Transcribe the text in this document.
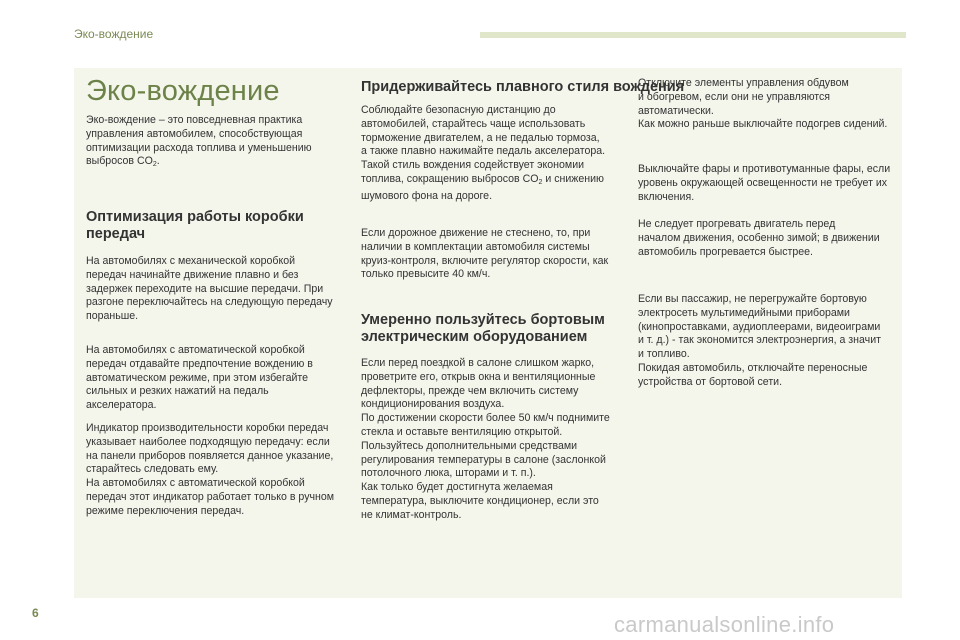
Эко-вождение
Эко-вождение

Эко-вождение – это повседневная практика
управления автомобилем, способствующая
оптимизации расхода топлива и уменьшению
выбросов $CO_2$.

Оптимизация работы коробки
передач

На автомобилях с механической коробкой
передач начинайте движение плавно и без
задержек переходите на высшие передачи. При
разгоне переключайтесь на следующую передачу
пораньше.

На автомобилях с автоматической коробкой
передач отдавайте предпочтение вождению в
автоматическом режиме, при этом избегайте
сильных и резких нажатий на педаль
акселератора.

Индикатор производительности коробки передач
указывает наиболее подходящую передачу: если
на панели приборов появляется данное указание,
старайтесь следовать ему.
На автомобилях с автоматической коробкой
передач этот индикатор работает только в ручном
режиме переключения передач.

Придерживайтесь плавного стиля вождения

Соблюдайте безопасную дистанцию до
автомобилей, старайтесь чаще использовать
торможение двигателем, а не педалью тормоза,
а также плавно нажимайте педаль акселератора.
Такой стиль вождения содействует экономии
топлива, сокращению выбросов $CO_2$ и снижению
шумового фона на дороге.

Если дорожное движение не стеснено, то, при
наличии в комплектации автомобиля системы
круиз-контроля, включите регулятор скорости, как
только превысите 40 км/ч.

Умеренно пользуйтесь бортовым
электрическим оборудованием

Если перед поездкой в салоне слишком жарко,
проветрите его, открыв окна и вентиляционные
дефлекторы, прежде чем включить систему
кондиционирования воздуха.
По достижении скорости более 50 км/ч поднимите
стекла и оставьте вентиляцию открытой.
Пользуйтесь дополнительными средствами
регулирования температуры в салоне (заслонкой
потолочного люка, шторами и т. п.).
Как только будет достигнута желаемая
температура, выключите кондиционер, если это
не климат-контроль.

Отключите элементы управления обдувом
и обогревом, если они не управляются
автоматически.
Как можно раньше выключайте подогрев сидений.

Выключайте фары и противотуманные фары, если
уровень окружающей освещенности не требует их
включения.

Не следует прогревать двигатель перед
началом движения, особенно зимой; в движении
автомобиль прогревается быстрее.

Если вы пассажир, не перегружайте бортовую
электросеть мультимедийными приборами
(кинопроставками, аудиоплеерами, видеоиграми
и т. д.) - так экономится электроэнергия, а значит
и топливо.
Покидая автомобиль, отключайте переносные
устройства от бортовой сети.

6	carmanualsonline.info
